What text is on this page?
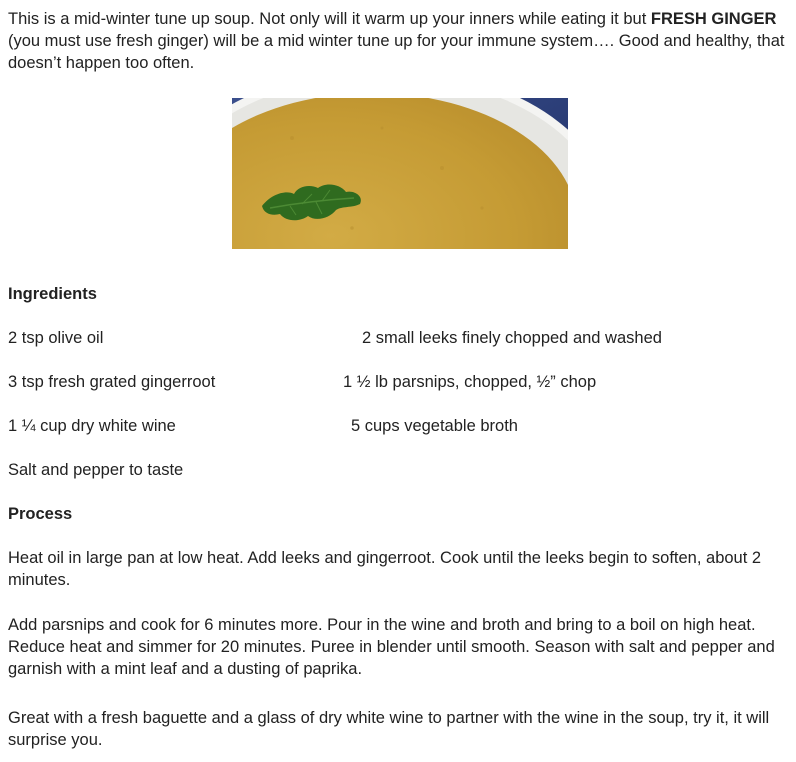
This is a mid-winter tune up soup. Not only will it warm up your inners while eating it but FRESH GINGER (you must use fresh ginger) will be a mid winter tune up for your immune system…. Good and healthy, that doesn’t happen too often.

Ingredients

2 tsp olive oil	2 small leeks finely chopped and washed
3 tsp fresh grated gingerroot	1 ½ lb parsnips, chopped, ½” chop
1 ¼ cup dry white wine	5 cups vegetable broth
Salt and pepper to taste

Process

Heat oil in large pan at low heat. Add leeks and gingerroot. Cook until the leeks begin to soften, about 2 minutes.

Add parsnips and cook for 6 minutes more. Pour in the wine and broth and bring to a boil on high heat. Reduce heat and simmer for 20 minutes. Puree in blender until smooth. Season with salt and pepper and garnish with a mint leaf and a dusting of paprika.

Great with a fresh baguette and a glass of dry white wine to partner with the wine in the soup, try it, it will surprise you.
